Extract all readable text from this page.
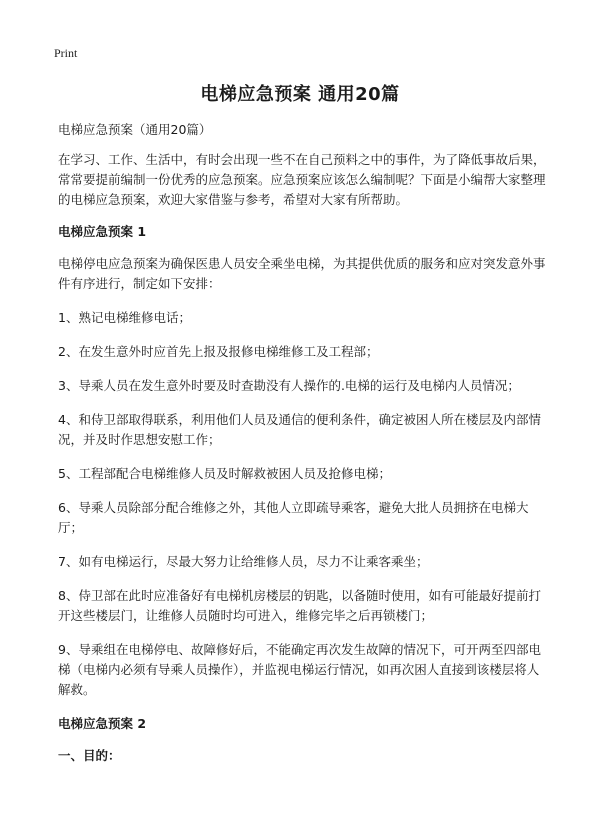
Print
电梯应急预案 通用20篇

电梯应急预案（通用20篇）

在学习、工作、生活中，有时会出现一些不在自己预料之中的事件，为了降低事故后果，常常要提前编制一份优秀的应急预案。应急预案应该怎么编制呢？下面是小编帮大家整理的电梯应急预案，欢迎大家借鉴与参考，希望对大家有所帮助。

电梯应急预案 1

电梯停电应急预案为确保医患人员安全乘坐电梯，为其提供优质的服务和应对突发意外事件有序进行，制定如下安排：

1、熟记电梯维修电话；

2、在发生意外时应首先上报及报修电梯维修工及工程部；

3、导乘人员在发生意外时要及时查勘没有人操作的.电梯的运行及电梯内人员情况；

4、和侍卫部取得联系，利用他们人员及通信的便利条件，确定被困人所在楼层及内部情况，并及时作思想安慰工作；

5、工程部配合电梯维修人员及时解救被困人员及抢修电梯；

6、导乘人员除部分配合维修之外，其他人立即疏导乘客，避免大批人员拥挤在电梯大厅；

7、如有电梯运行，尽最大努力让给维修人员，尽力不让乘客乘坐；

8、侍卫部在此时应准备好有电梯机房楼层的钥匙，以备随时使用，如有可能最好提前打开这些楼层门，让维修人员随时均可进入，维修完毕之后再锁楼门；

9、导乘组在电梯停电、故障修好后，不能确定再次发生故障的情况下，可开两至四部电梯（电梯内必须有导乘人员操作），并监视电梯运行情况，如再次困人直接到该楼层将人解救。

电梯应急预案 2

一、目的：
